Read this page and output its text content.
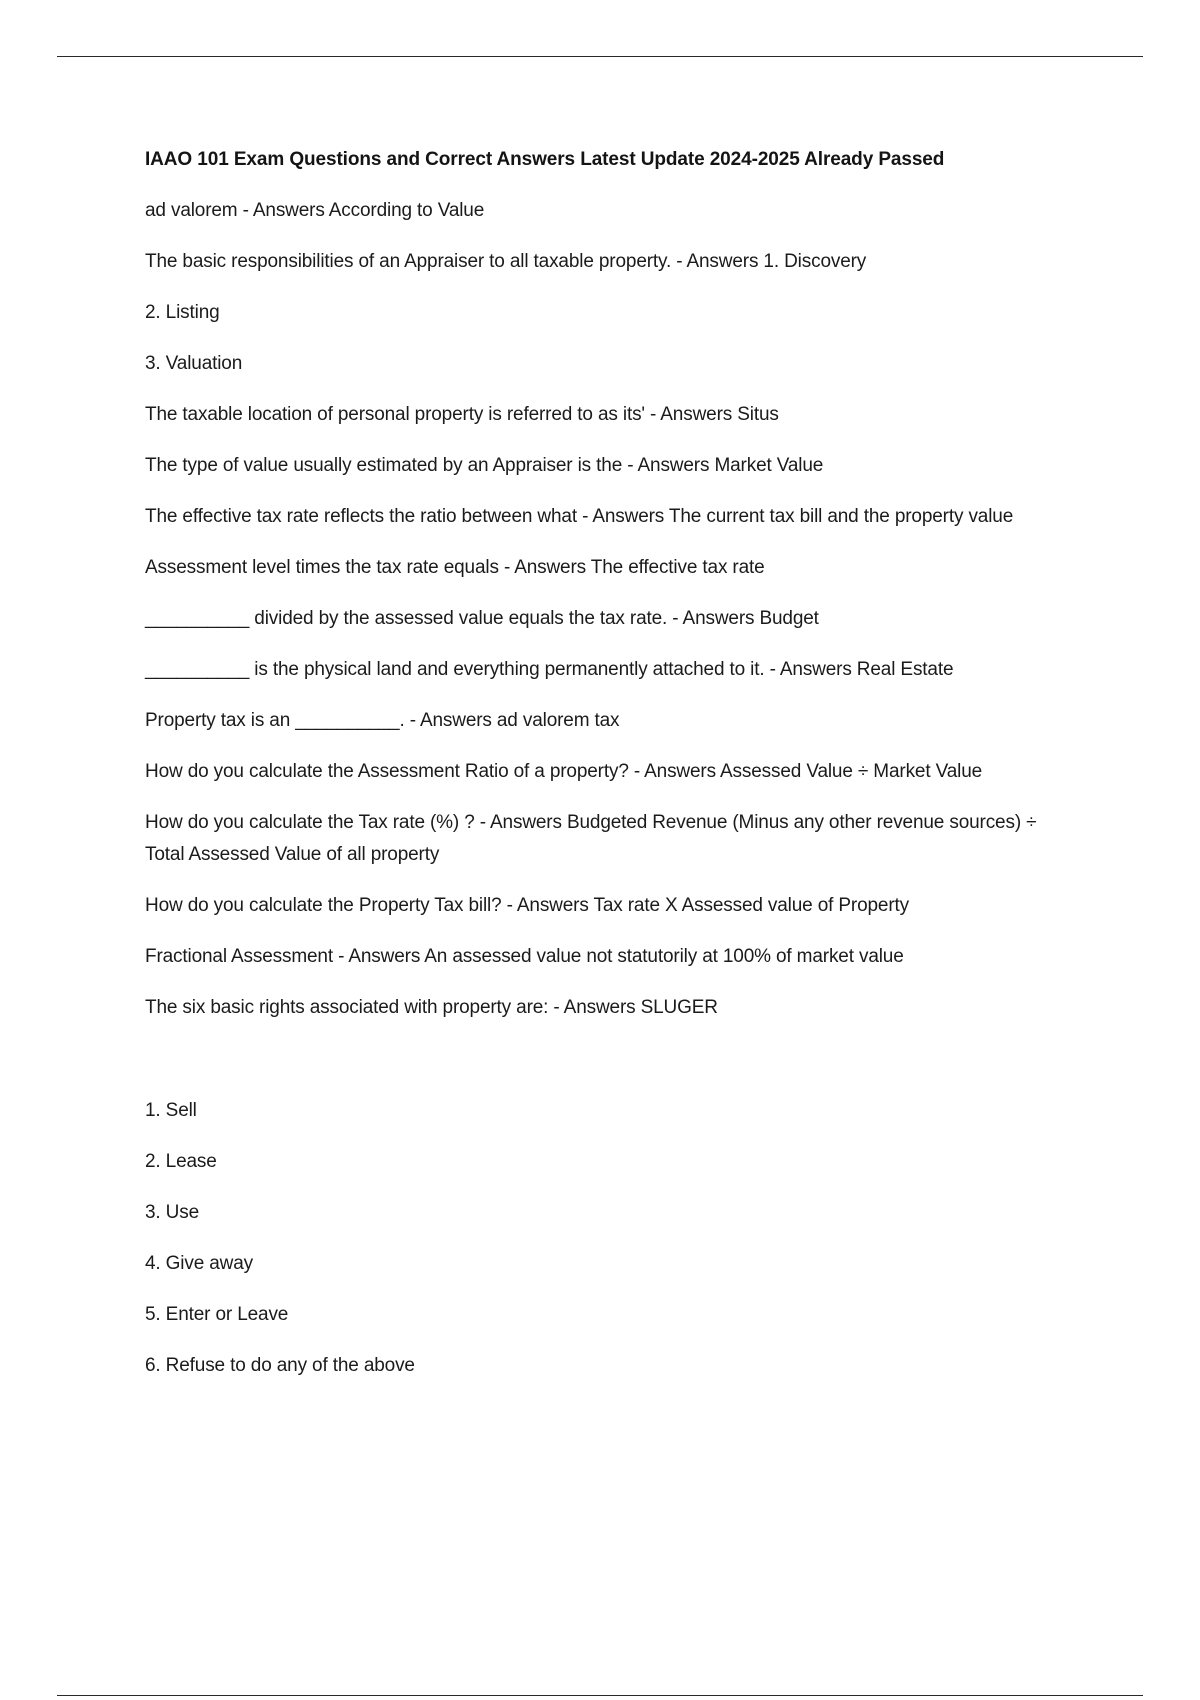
IAAO 101 Exam Questions and Correct Answers Latest Update 2024-2025 Already Passed
ad valorem - Answers According to Value
The basic responsibilities of an Appraiser to all taxable property. - Answers 1. Discovery
2. Listing
3. Valuation
The taxable location of personal property is referred to as its' - Answers Situs
The type of value usually estimated by an Appraiser is the - Answers Market Value
The effective tax rate reflects the ratio between what - Answers The current tax bill and the property value
Assessment level times the tax rate equals - Answers The effective tax rate
__________ divided by the assessed value equals the tax rate. - Answers Budget
__________ is the physical land and everything permanently attached to it. - Answers Real Estate
Property tax is an __________. - Answers ad valorem tax
How do you calculate the Assessment Ratio of a property? - Answers Assessed Value ÷ Market Value
How do you calculate the Tax rate (%) ? - Answers Budgeted Revenue (Minus any other revenue sources) ÷ Total Assessed Value of all property
How do you calculate the Property Tax bill? - Answers Tax rate X Assessed value of Property
Fractional Assessment - Answers An assessed value not statutorily at 100% of market value
The six basic rights associated with property are: - Answers SLUGER
1. Sell
2. Lease
3. Use
4. Give away
5. Enter or Leave
6. Refuse to do any of the above
